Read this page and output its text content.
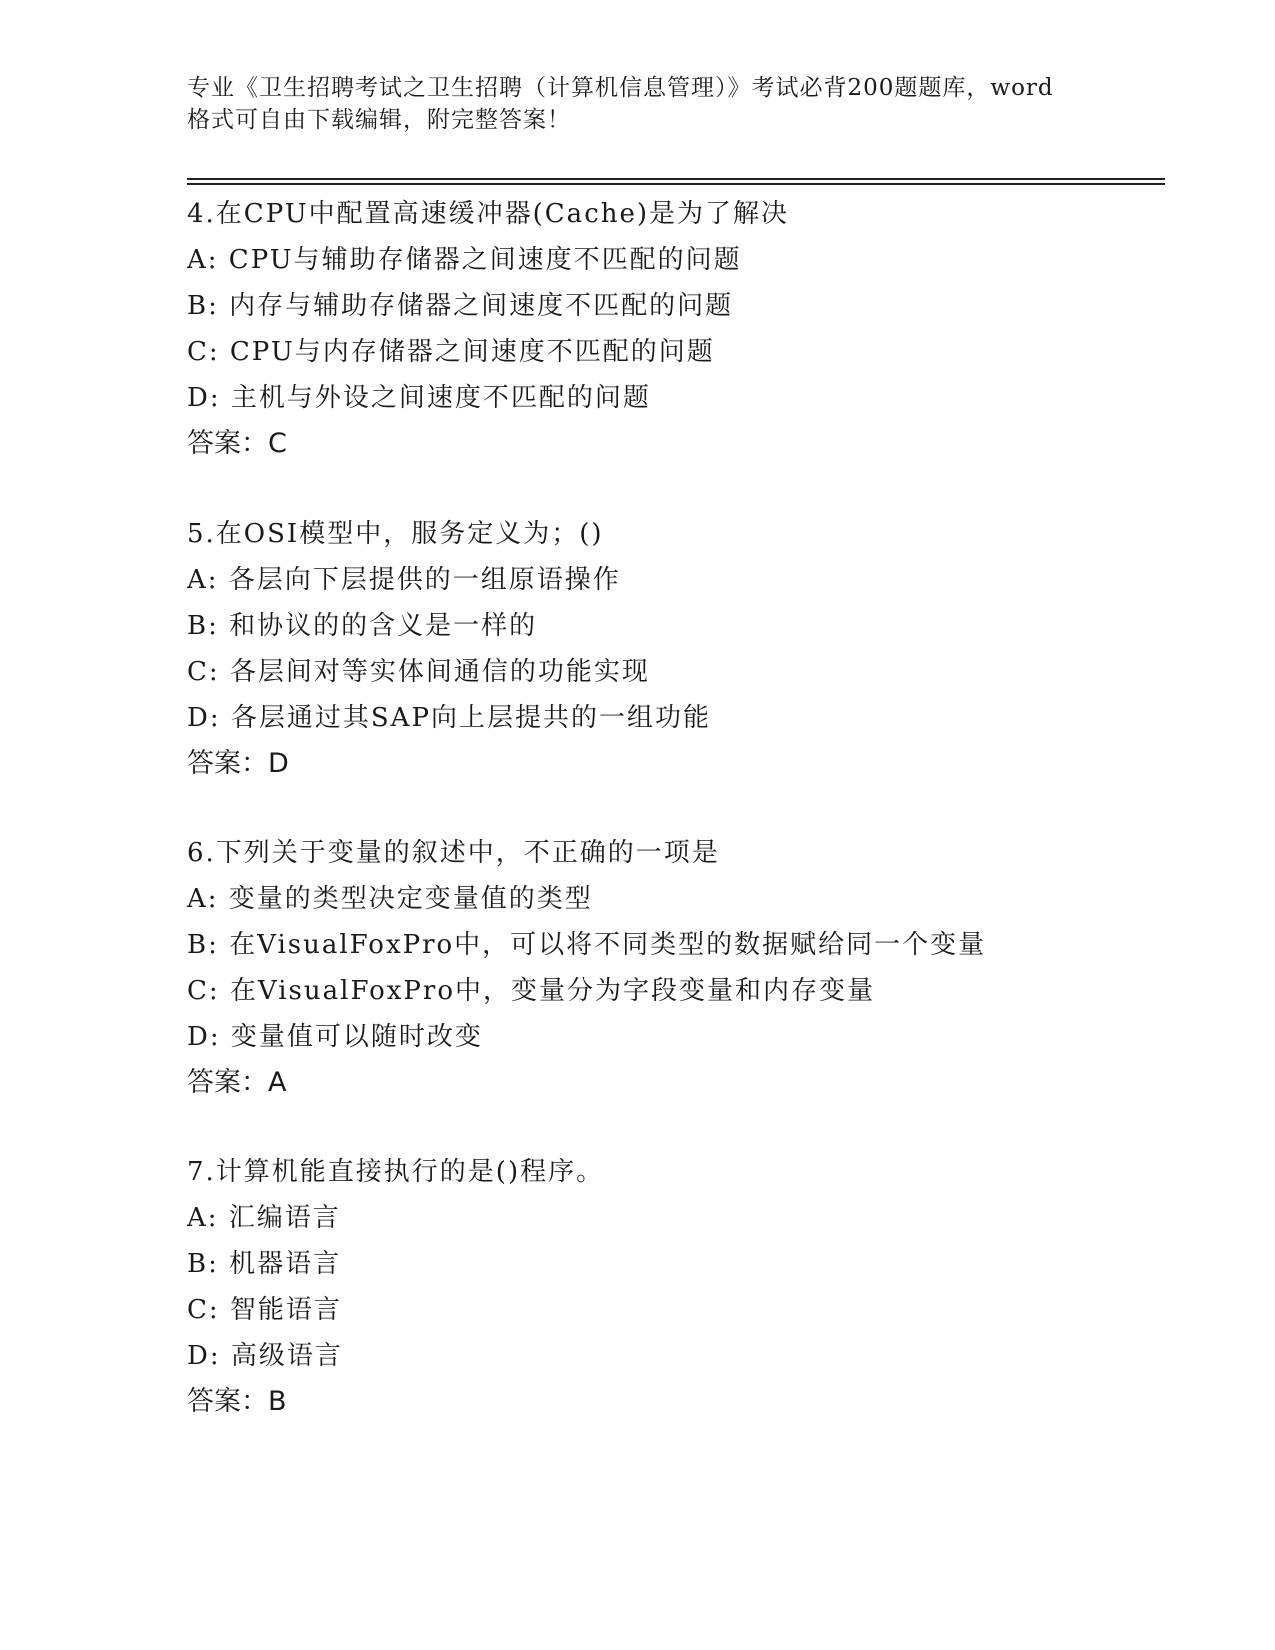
专业《卫生招聘考试之卫生招聘（计算机信息管理）》考试必背200题题库，word
格式可自由下载编辑，附完整答案！
4.在CPU中配置高速缓冲器(Cache)是为了解决
A: CPU与辅助存储器之间速度不匹配的问题
B: 内存与辅助存储器之间速度不匹配的问题
C: CPU与内存储器之间速度不匹配的问题
D: 主机与外设之间速度不匹配的问题
答案：C
5.在OSI模型中，服务定义为；()
A: 各层向下层提供的一组原语操作
B: 和协议的的含义是一样的
C: 各层间对等实体间通信的功能实现
D: 各层通过其SAP向上层提共的一组功能
答案：D
6.下列关于变量的叙述中，不正确的一项是
A: 变量的类型决定变量值的类型
B: 在VisualFoxPro中，可以将不同类型的数据赋给同一个变量
C: 在VisualFoxPro中，变量分为字段变量和内存变量
D: 变量值可以随时改变
答案：A
7.计算机能直接执行的是()程序。
A: 汇编语言
B: 机器语言
C: 智能语言
D: 高级语言
答案：B
